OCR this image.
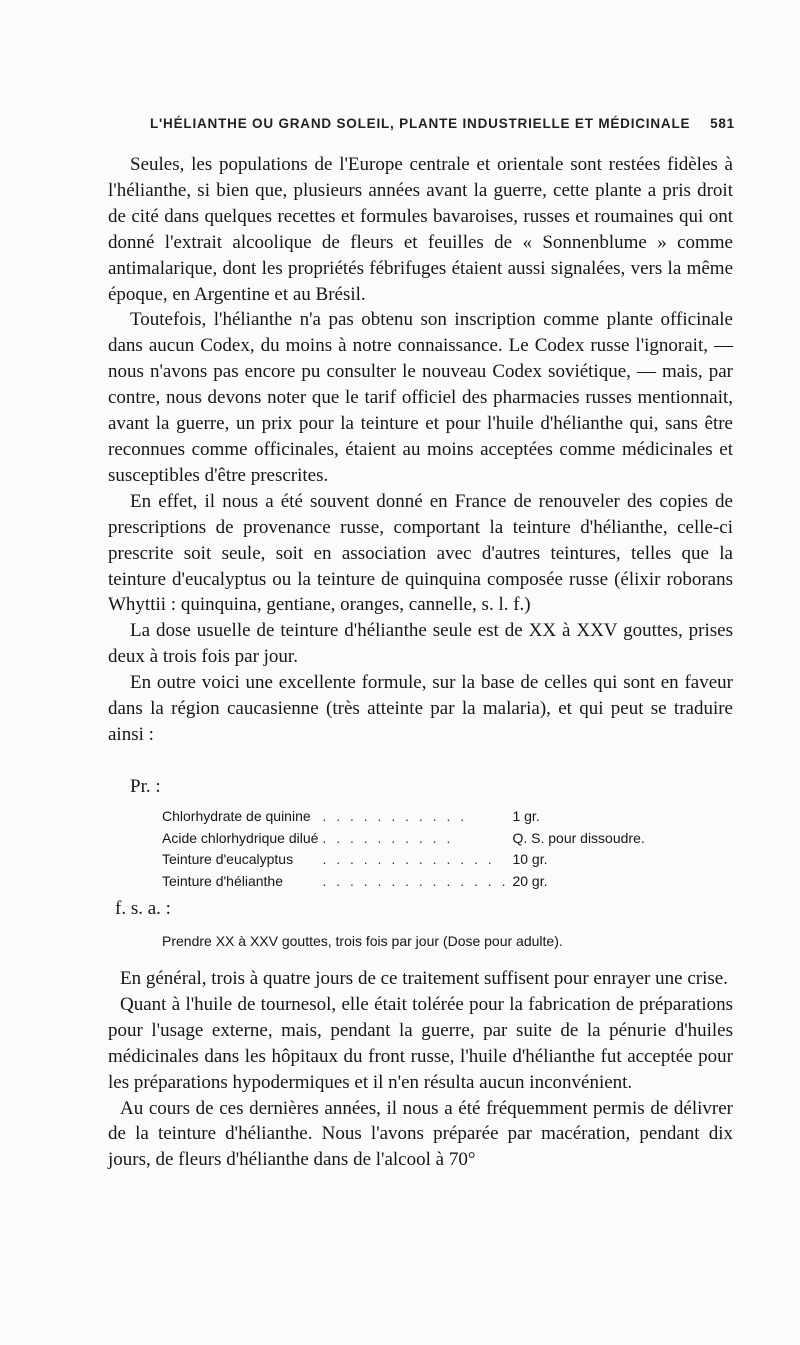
L'HÉLIANTHE OU GRAND SOLEIL, PLANTE INDUSTRIELLE ET MÉDICINALE 581

Seules, les populations de l'Europe centrale et orientale sont restées fidèles à l'hélianthe, si bien que, plusieurs années avant la guerre, cette plante a pris droit de cité dans quelques recettes et formules bavaroises, russes et roumaines qui ont donné l'extrait alcoolique de fleurs et feuilles de « Sonnenblume » comme antimalarique, dont les propriétés fébrifuges étaient aussi signalées, vers la même époque, en Argentine et au Brésil.

Toutefois, l'hélianthe n'a pas obtenu son inscription comme plante officinale dans aucun Codex, du moins à notre connaissance. Le Codex russe l'ignorait, — nous n'avons pas encore pu consulter le nouveau Codex soviétique, — mais, par contre, nous devons noter que le tarif officiel des pharmacies russes mentionnait, avant la guerre, un prix pour la teinture et pour l'huile d'hélianthe qui, sans être reconnues comme officinales, étaient au moins acceptées comme médicinales et susceptibles d'être prescrites.

En effet, il nous a été souvent donné en France de renouveler des copies de prescriptions de provenance russe, comportant la teinture d'hélianthe, celle-ci prescrite soit seule, soit en association avec d'autres teintures, telles que la teinture d'eucalyptus ou la teinture de quinquina composée russe (élixir roborans Whyttii : quinquina, gentiane, oranges, cannelle, s. l. f.)

La dose usuelle de teinture d'hélianthe seule est de XX à XXV gouttes, prises deux à trois fois par jour.

En outre voici une excellente formule, sur la base de celles qui sont en faveur dans la région caucasienne (très atteinte par la malaria), et qui peut se traduire ainsi :

Pr. :
Chlorhydrate de quinine	. . . . . . . . . . .	1 gr.
Acide chlorhydrique dilué	. . . . . . . . . .	Q. S. pour dissoudre.
Teinture d'eucalyptus	. . . . . . . . . . . . .	10 gr.
Teinture d'hélianthe	. . . . . . . . . . . . . .	20 gr.
f. s. a. :
Prendre XX à XXV gouttes, trois fois par jour (Dose pour adulte).

En général, trois à quatre jours de ce traitement suffisent pour enrayer une crise.

Quant à l'huile de tournesol, elle était tolérée pour la fabrication de préparations pour l'usage externe, mais, pendant la guerre, par suite de la pénurie d'huiles médicinales dans les hôpitaux du front russe, l'huile d'hélianthe fut acceptée pour les préparations hypodermiques et il n'en résulta aucun inconvénient.

Au cours de ces dernières années, il nous a été fréquemment permis de délivrer de la teinture d'hélianthe. Nous l'avons préparée par macération, pendant dix jours, de fleurs d'hélianthe dans de l'alcool à 70°
